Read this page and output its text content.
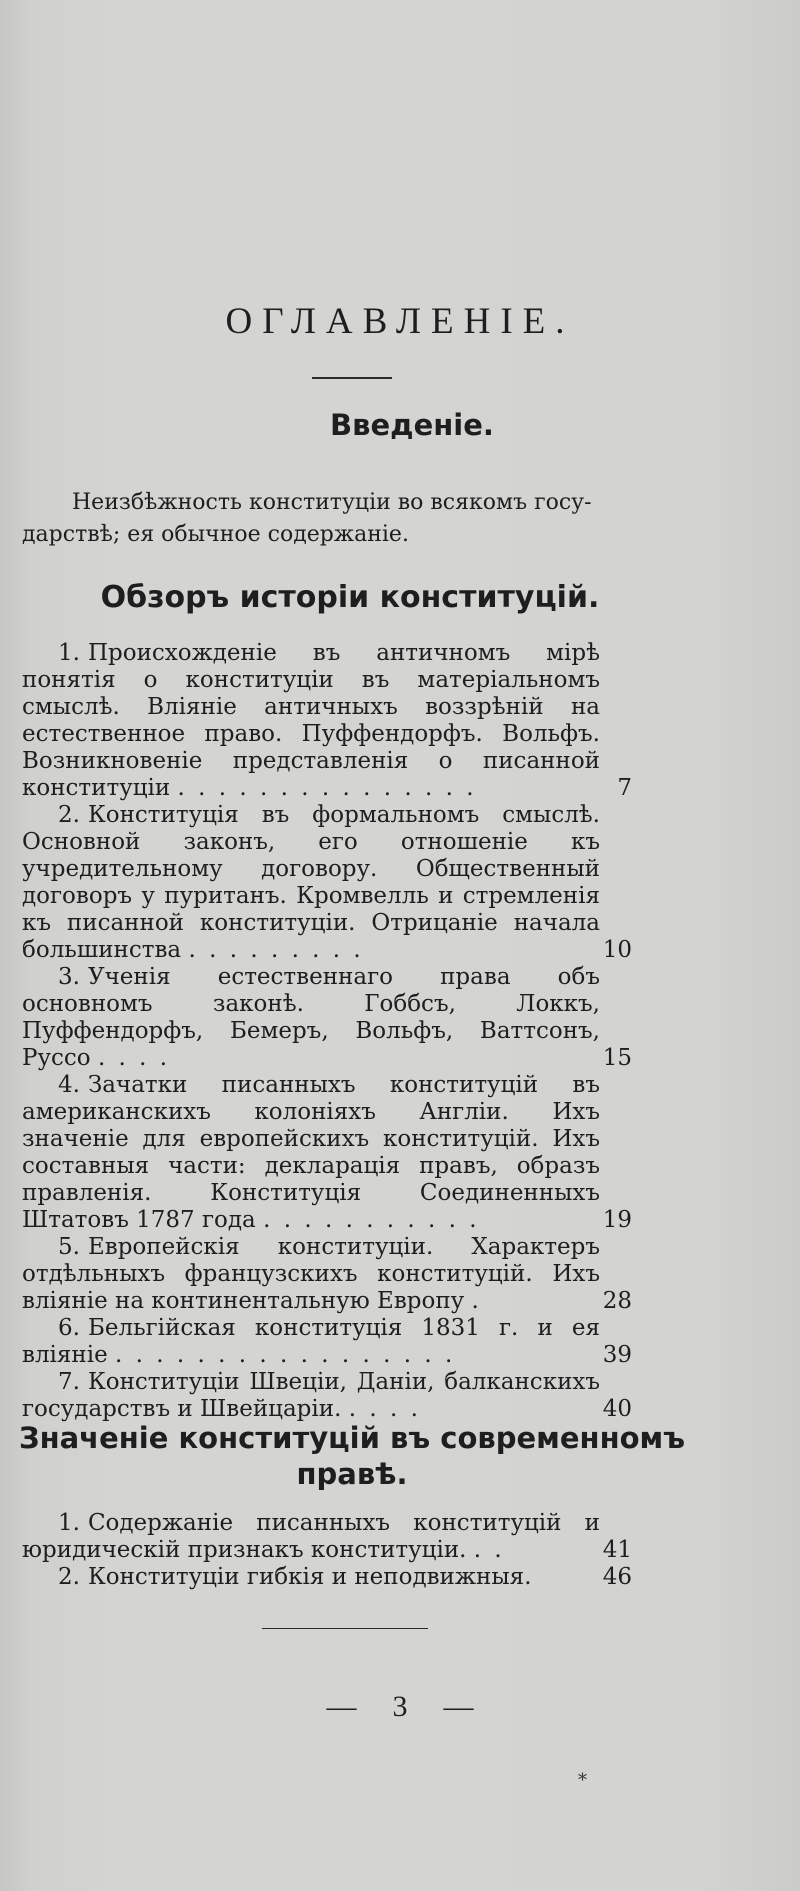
ОГЛАВЛЕНІЕ.
Введеніе.
Неизбѣжность конституціи во всякомъ госу-
дарствѣ; ея обычное содержаніе.
Обзоръ исторіи конституцій.
1. Происхожденіе въ античномъ мірѣ понятія о конституціи въ матеріальномъ смыслѣ. Вліяніе античныхъ воззрѣній на естественное право. Пуффендорфъ. Вольфъ. Возникновеніе представленія о писанной конституціи . . . . . . . . . . . . . . .	7
2. Конституція въ формальномъ смыслѣ. Основной законъ, его отношеніе къ учредительному договору. Общественный договоръ у пуританъ. Кромвелль и стремленія къ писанной конституціи. Отрицаніе начала большинства . . . . . . . . .	10
3. Ученія естественнаго права объ основномъ законѣ. Гоббсъ, Локкъ, Пуффендорфъ, Бемеръ, Вольфъ, Ваттсонъ, Руссо . . . .	15
4. Зачатки писанныхъ конституцій въ американскихъ колоніяхъ Англіи. Ихъ значеніе для европейскихъ конституцій. Ихъ составныя части: декларація правъ, образъ правленія. Конституція Соединенныхъ Штатовъ 1787 года . . . . . . . . . . .	19
5. Европейскія конституціи. Характеръ отдѣльныхъ французскихъ конституцій. Ихъ вліяніе на континентальную Европу .	28
6. Бельгійская конституція 1831 г. и ея вліяніе . . . . . . . . . . . . . . . . .	39
7. Конституціи Швеціи, Даніи, балканскихъ государствъ и Швейцаріи. . . . .	40
Значеніе конституцій въ современномъ
правѣ.
1. Содержаніе писанныхъ конституцій и юридическій признакъ конституціи. . .	41
2. Конституціи гибкія и неподвижныя.	46
— 3 —
*
